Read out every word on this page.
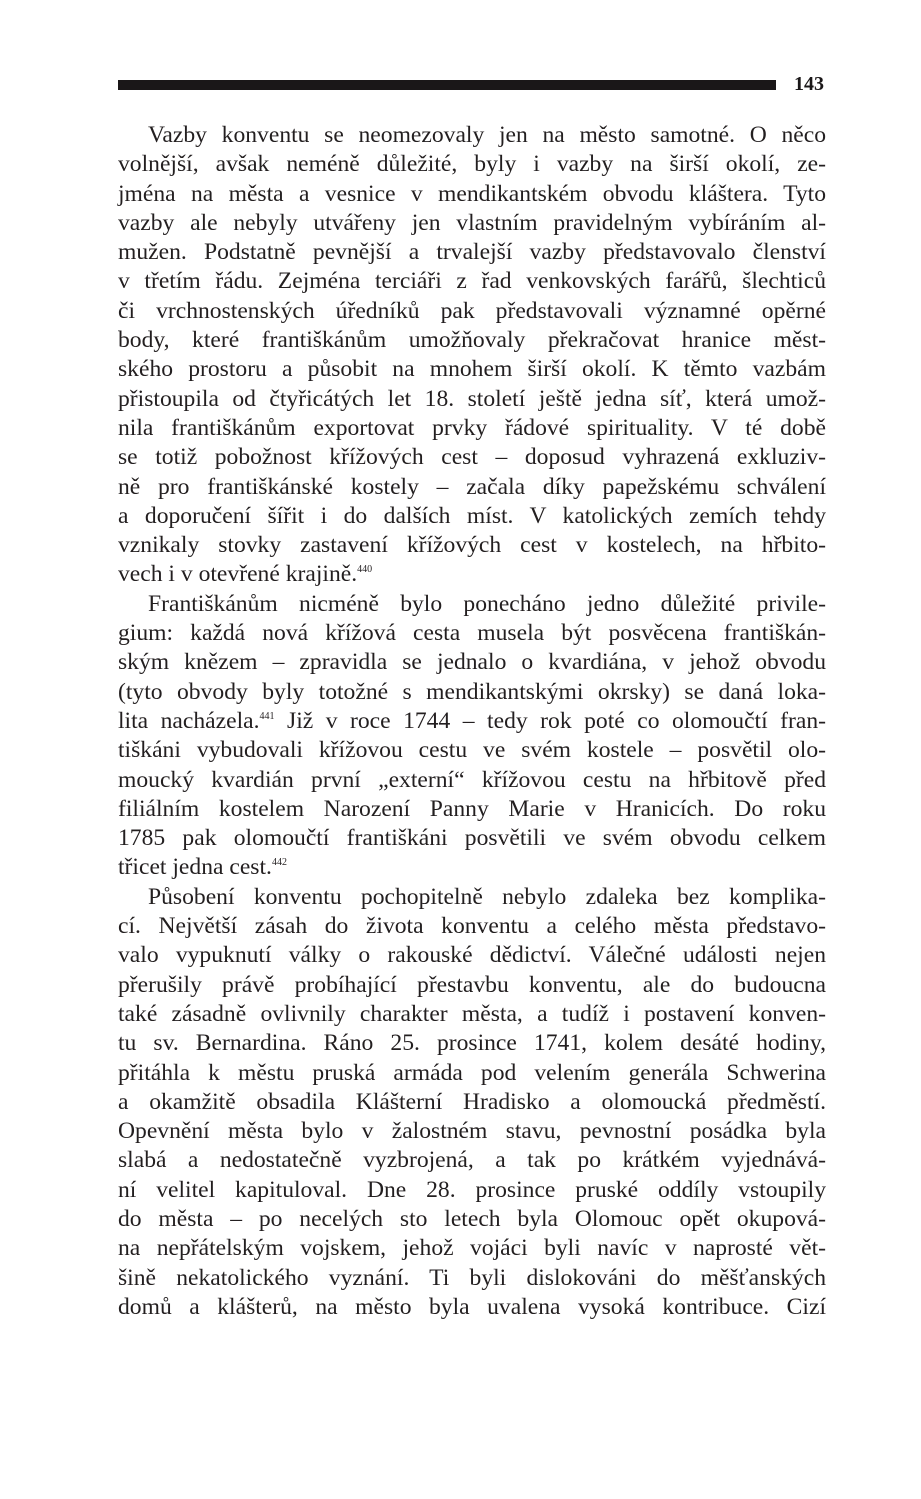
143
Vazby konventu se neomezovaly jen na město samotné. O něco
volnější, avšak neméně důležité, byly i vazby na širší okolí, ze-
jména na města a vesnice v mendikantském obvodu kláštera. Tyto
vazby ale nebyly utvářeny jen vlastním pravidelným vybíráním al-
mužen. Podstatně pevnější a trvalejší vazby představovalo členství
v třetím řádu. Zejména terciáři z řad venkovských farářů, šlechticů
či vrchnostenských úředníků pak představovali významné opěrné
body, které františkánům umožňovaly překračovat hranice měst-
ského prostoru a působit na mnohem širší okolí. K těmto vazbám
přistoupila od čtyřicátých let 18. století ještě jedna síť, která umož-
nila františkánům exportovat prvky řádové spirituality. V té době
se totiž pobožnost křížových cest – doposud vyhrazená exkluziv-
ně pro františkánské kostely – začala díky papežskému schválení
a doporučení šířit i do dalších míst. V katolických zemích tehdy
vznikaly stovky zastavení křížových cest v kostelech, na hřbito-
vech i v otevřené krajině.$^{440}$
Františkánům nicméně bylo ponecháno jedno důležité privile-
gium: každá nová křížová cesta musela být posvěcena františkán-
ským knězem – zpravidla se jednalo o kvardiána, v jehož obvodu
(tyto obvody byly totožné s mendikantskými okrsky) se daná loka-
lita nacházela.$^{441}$ Již v roce 1744 – tedy rok poté co olomoučtí fran-
tiškáni vybudovali křížovou cestu ve svém kostele – posvětil olo-
moucký kvardián první „externí“ křížovou cestu na hřbitově před
filiálním kostelem Narození Panny Marie v Hranicích. Do roku
1785 pak olomoučtí františkáni posvětili ve svém obvodu celkem
třicet jedna cest.$^{442}$
Působení konventu pochopitelně nebylo zdaleka bez komplika-
cí. Největší zásah do života konventu a celého města představo-
valo vypuknutí války o rakouské dědictví. Válečné události nejen
přerušily právě probíhající přestavbu konventu, ale do budoucna
také zásadně ovlivnily charakter města, a tudíž i postavení konven-
tu sv. Bernardina. Ráno 25. prosince 1741, kolem desáté hodiny,
přitáhla k městu pruská armáda pod velením generála Schwerina
a okamžitě obsadila Klášterní Hradisko a olomoucká předměstí.
Opevnění města bylo v žalostném stavu, pevnostní posádka byla
slabá a nedostatečně vyzbrojená, a tak po krátkém vyjednává-
ní velitel kapituloval. Dne 28. prosince pruské oddíly vstoupily
do města – po necelých sto letech byla Olomouc opět okupová-
na nepřátelským vojskem, jehož vojáci byli navíc v naprosté vět-
šině nekatolického vyznání. Ti byli dislokováni do měšťanských
domů a klášterů, na město byla uvalena vysoká kontribuce. Cizí
